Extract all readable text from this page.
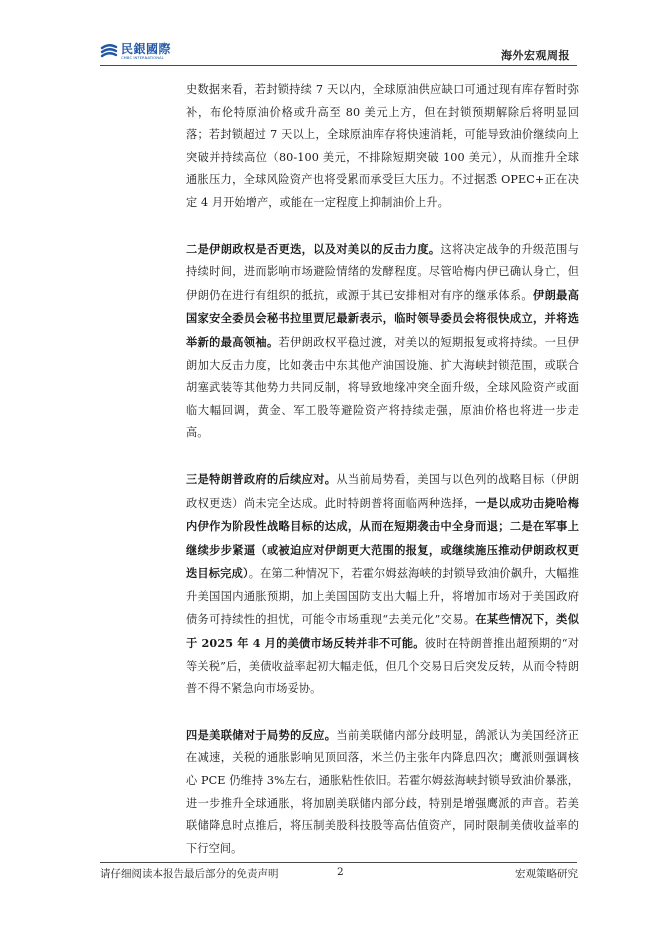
民銀國際
CMBC INTERNATIONAL	海外宏观周报

史数据来看，若封锁持续 7 天以内，全球原油供应缺口可通过现有库存暂时弥补，布伦特原油价格或升高至 80 美元上方，但在封锁预期解除后将明显回落；若封锁超过 7 天以上，全球原油库存将快速消耗，可能导致油价继续向上突破并持续高位（80-100 美元，不排除短期突破 100 美元），从而推升全球通胀压力，全球风险资产也将受累而承受巨大压力。不过据悉 OPEC+正在决定 4 月开始增产，或能在一定程度上抑制油价上升。

二是伊朗政权是否更迭，以及对美以的反击力度。这将决定战争的升级范围与持续时间，进而影响市场避险情绪的发酵程度。尽管哈梅内伊已确认身亡，但伊朗仍在进行有组织的抵抗，或源于其已安排相对有序的继承体系。伊朗最高国家安全委员会秘书拉里贾尼最新表示，临时领导委员会将很快成立，并将选举新的最高领袖。若伊朗政权平稳过渡，对美以的短期报复或将持续。一旦伊朗加大反击力度，比如袭击中东其他产油国设施、扩大海峡封锁范围，或联合胡塞武装等其他势力共同反制，将导致地缘冲突全面升级，全球风险资产或面临大幅回调，黄金、军工股等避险资产将持续走强，原油价格也将进一步走高。

三是特朗普政府的后续应对。从当前局势看，美国与以色列的战略目标（伊朗政权更迭）尚未完全达成。此时特朗普将面临两种选择，一是以成功击毙哈梅内伊作为阶段性战略目标的达成，从而在短期袭击中全身而退；二是在军事上继续步步紧逼（或被迫应对伊朗更大范围的报复，或继续施压推动伊朗政权更迭目标完成）。在第二种情况下，若霍尔姆兹海峡的封锁导致油价飙升，大幅推升美国国内通胀预期，加上美国国防支出大幅上升，将增加市场对于美国政府债务可持续性的担忧，可能令市场重现“去美元化”交易。在某些情况下，类似于 2025 年 4 月的美债市场反转并非不可能。彼时在特朗普推出超预期的“对等关税”后，美债收益率起初大幅走低，但几个交易日后突发反转，从而令特朗普不得不紧急向市场妥协。

四是美联储对于局势的反应。当前美联储内部分歧明显，鸽派认为美国经济正在减速，关税的通胀影响见顶回落，米兰仍主张年内降息四次；鹰派则强调核心 PCE 仍维持 3%左右，通胀粘性依旧。若霍尔姆兹海峡封锁导致油价暴涨，进一步推升全球通胀，将加剧美联储内部分歧，特别是增强鹰派的声音。若美联储降息时点推后，将压制美股科技股等高估值资产，同时限制美债收益率的下行空间。

请仔细阅读本报告最后部分的免责声明	2	宏观策略研究
